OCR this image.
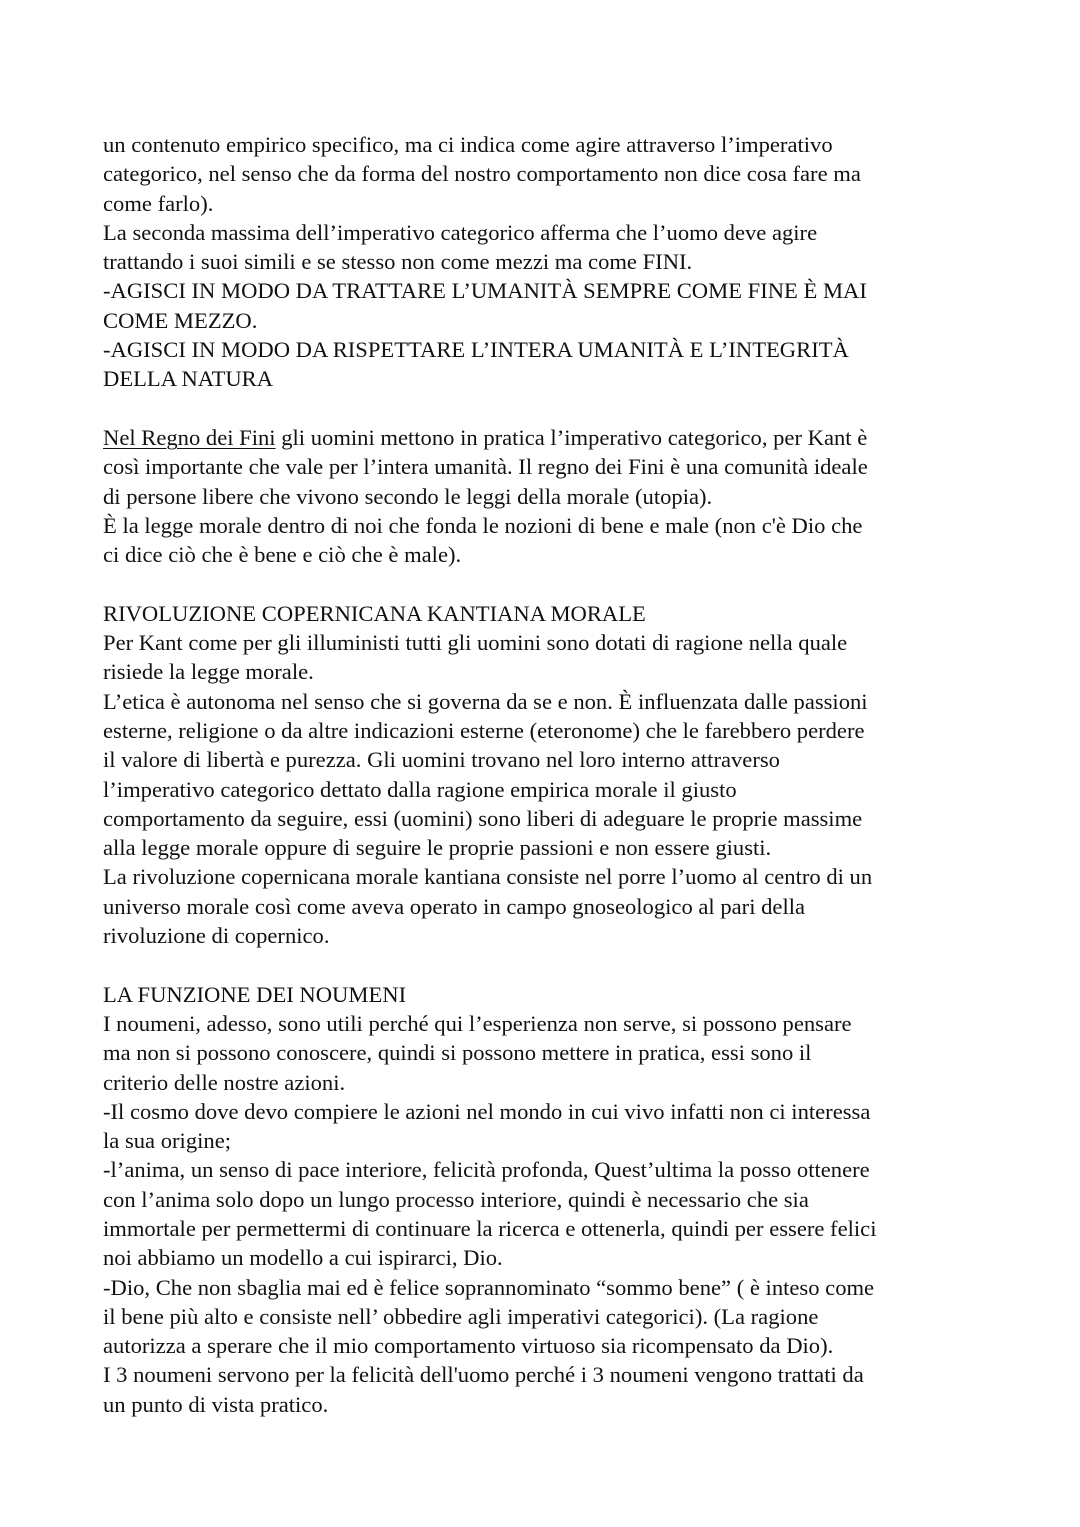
un contenuto empirico specifico, ma ci indica come agire attraverso l’imperativo
categorico, nel senso che da forma del nostro comportamento non dice cosa fare ma
come farlo).
La seconda massima dell’imperativo categorico afferma che l’uomo deve agire
trattando i suoi simili e se stesso non come mezzi ma come FINI.
-AGISCI IN MODO DA TRATTARE L’UMANITÀ SEMPRE COME FINE È MAI
COME MEZZO.
-AGISCI IN MODO DA RISPETTARE L’INTERA UMANITÀ E L’INTEGRITÀ
DELLA NATURA
Nel Regno dei Fini gli uomini mettono in pratica l’imperativo categorico, per Kant è
così importante che vale per l’intera umanità. Il regno dei Fini è una comunità ideale
di persone libere che vivono secondo le leggi della morale (utopia).
È la legge morale dentro di noi che fonda le nozioni di bene e male (non c'è Dio che
ci dice ciò che è bene e ciò che è male).
RIVOLUZIONE COPERNICANA KANTIANA MORALE
Per Kant come per gli illuministi tutti gli uomini sono dotati di ragione nella quale
risiede la legge morale.
L’etica è autonoma nel senso che si governa da se e non. È influenzata dalle passioni
esterne, religione o da altre indicazioni esterne (eteronome) che le farebbero perdere
il valore di libertà e purezza. Gli uomini trovano nel loro interno attraverso
l’imperativo categorico dettato dalla ragione empirica morale il giusto
comportamento da seguire, essi (uomini) sono liberi di adeguare le proprie massime
alla legge morale oppure di seguire le proprie passioni e non essere giusti.
La rivoluzione copernicana morale kantiana consiste nel porre l’uomo al centro di un
universo morale così come aveva operato in campo gnoseologico al pari della
rivoluzione di copernico.
LA FUNZIONE DEI NOUMENI
I noumeni, adesso, sono utili perché qui l’esperienza non serve, si possono pensare
ma non si possono conoscere, quindi si possono mettere in pratica, essi sono il
criterio delle nostre azioni.
-Il cosmo dove devo compiere le azioni nel mondo in cui vivo infatti non ci interessa
la sua origine;
-l’anima, un senso di pace interiore, felicità profonda, Quest’ultima la posso ottenere
con l’anima solo dopo un lungo processo interiore, quindi è necessario che sia
immortale per permettermi di continuare la ricerca e ottenerla, quindi per essere felici
noi abbiamo un modello a cui ispirarci, Dio.
-Dio, Che non sbaglia mai ed è felice soprannominato “sommo bene” ( è inteso come
il bene più alto e consiste nell’ obbedire agli imperativi categorici). (La ragione
autorizza a sperare che il mio comportamento virtuoso sia ricompensato da Dio).
I 3 noumeni servono per la felicità dell'uomo perché i 3 noumeni vengono trattati da
un punto di vista pratico.
